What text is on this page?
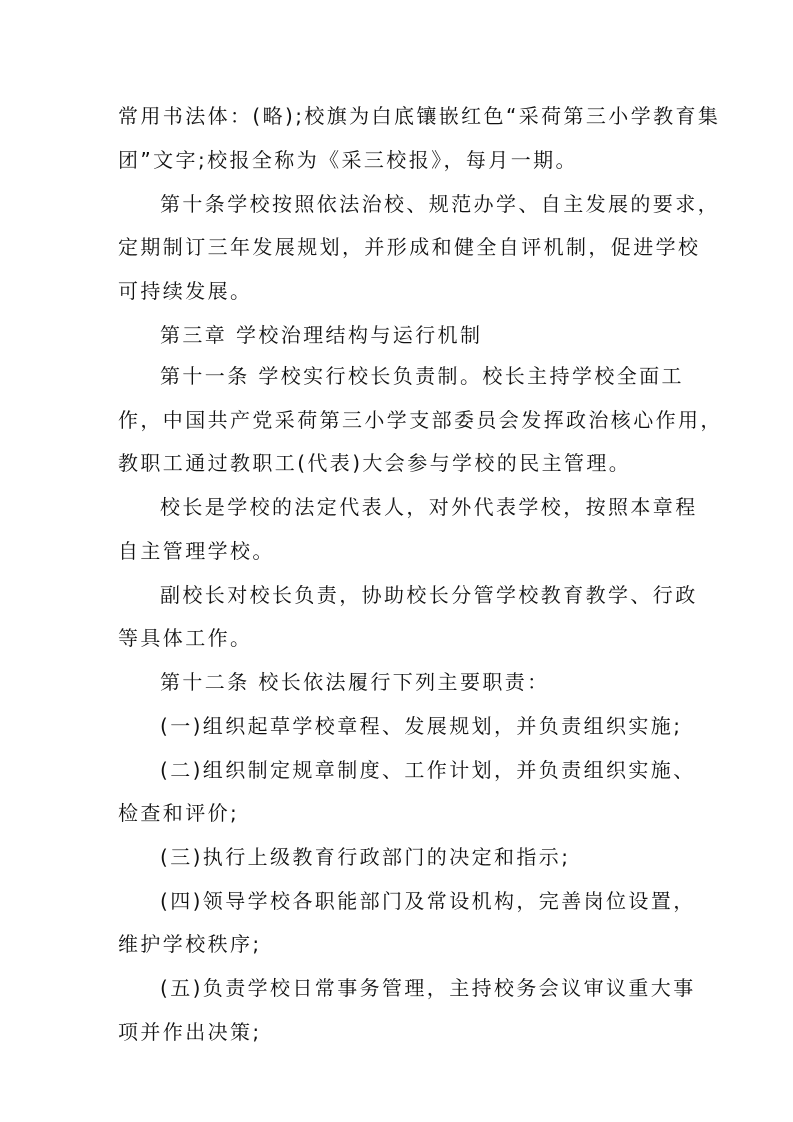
常用书法体：(略);校旗为白底镶嵌红色“采荷第三小学教育集
团”文字;校报全称为《采三校报》，每月一期。
第十条学校按照依法治校、规范办学、自主发展的要求，
定期制订三年发展规划，并形成和健全自评机制，促进学校
可持续发展。
第三章 学校治理结构与运行机制
第十一条 学校实行校长负责制。校长主持学校全面工
作，中国共产党采荷第三小学支部委员会发挥政治核心作用，
教职工通过教职工(代表)大会参与学校的民主管理。
校长是学校的法定代表人，对外代表学校，按照本章程
自主管理学校。
副校长对校长负责，协助校长分管学校教育教学、行政
等具体工作。
第十二条 校长依法履行下列主要职责：
(一)组织起草学校章程、发展规划，并负责组织实施;
(二)组织制定规章制度、工作计划，并负责组织实施、
检查和评价;
(三)执行上级教育行政部门的决定和指示;
(四)领导学校各职能部门及常设机构，完善岗位设置，
维护学校秩序;
(五)负责学校日常事务管理，主持校务会议审议重大事
项并作出决策;
